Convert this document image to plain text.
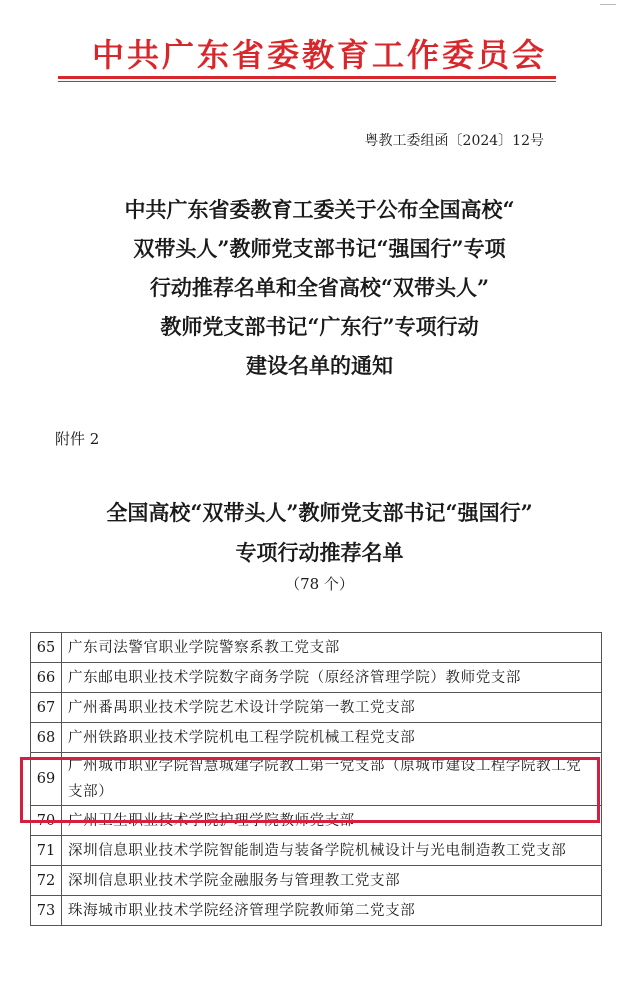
中共广东省委教育工作委员会
粤教工委组函〔2024〕12号
中共广东省委教育工委关于公布全国高校“
双带头人”教师党支部书记“强国行”专项
行动推荐名单和全省高校“双带头人”
教师党支部书记“广东行”专项行动
建设名单的通知
附件 2
全国高校“双带头人”教师党支部书记“强国行”
专项行动推荐名单
（78 个）
65	广东司法警官职业学院警察系教工党支部
66	广东邮电职业技术学院数字商务学院（原经济管理学院）教师党支部
67	广州番禺职业技术学院艺术设计学院第一教工党支部
68	广州铁路职业技术学院机电工程学院机械工程党支部
69	广州城市职业学院智慧城建学院教工第一党支部（原城市建设工程学院教工党支部）
70	广州卫生职业技术学院护理学院教师党支部
71	深圳信息职业技术学院智能制造与装备学院机械设计与光电制造教工党支部
72	深圳信息职业技术学院金融服务与管理教工党支部
73	珠海城市职业技术学院经济管理学院教师第二党支部
